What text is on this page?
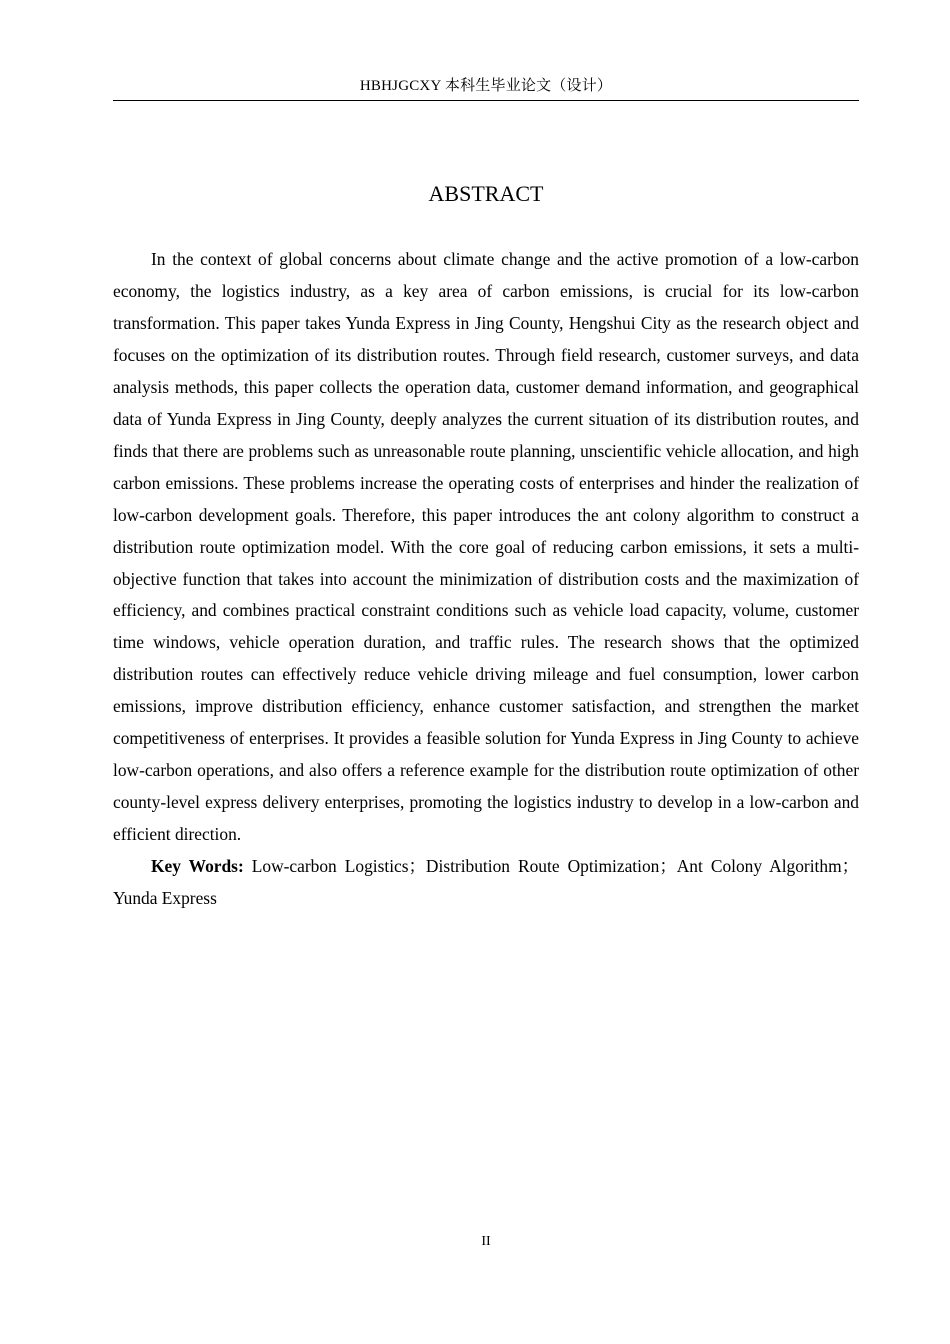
HBHJGCXY 本科生毕业论文（设计）
ABSTRACT

In the context of global concerns about climate change and the active promotion of a low-carbon economy, the logistics industry, as a key area of carbon emissions, is crucial for its low-carbon transformation. This paper takes Yunda Express in Jing County, Hengshui City as the research object and focuses on the optimization of its distribution routes. Through field research, customer surveys, and data analysis methods, this paper collects the operation data, customer demand information, and geographical data of Yunda Express in Jing County, deeply analyzes the current situation of its distribution routes, and finds that there are problems such as unreasonable route planning, unscientific vehicle allocation, and high carbon emissions. These problems increase the operating costs of enterprises and hinder the realization of low-carbon development goals. Therefore, this paper introduces the ant colony algorithm to construct a distribution route optimization model. With the core goal of reducing carbon emissions, it sets a multi-objective function that takes into account the minimization of distribution costs and the maximization of efficiency, and combines practical constraint conditions such as vehicle load capacity, volume, customer time windows, vehicle operation duration, and traffic rules. The research shows that the optimized distribution routes can effectively reduce vehicle driving mileage and fuel consumption, lower carbon emissions, improve distribution efficiency, enhance customer satisfaction, and strengthen the market competitiveness of enterprises. It provides a feasible solution for Yunda Express in Jing County to achieve low-carbon operations, and also offers a reference example for the distribution route optimization of other county-level express delivery enterprises, promoting the logistics industry to develop in a low-carbon and efficient direction.

Key Words: Low-carbon Logistics；Distribution Route Optimization；Ant Colony Algorithm；Yunda Express

II
